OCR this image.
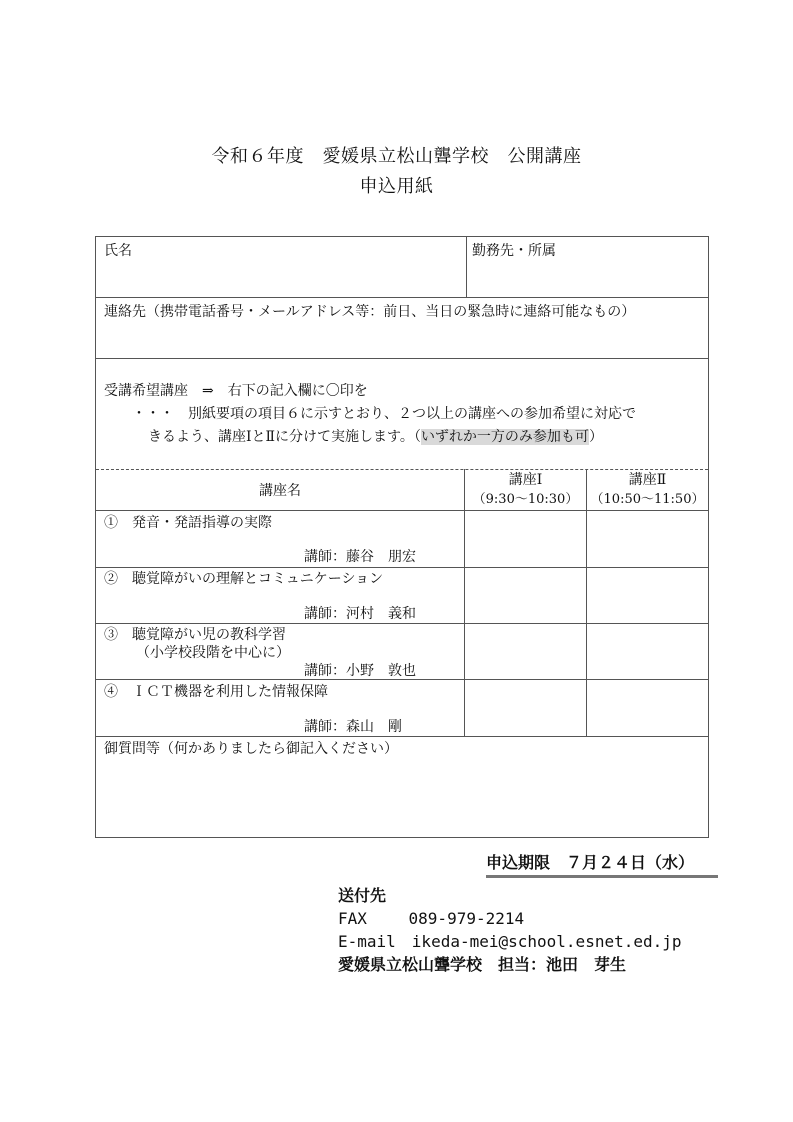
令和６年度　愛媛県立松山聾学校　公開講座
申込用紙
氏名	勤務先・所属
連絡先（携帯電話番号・メールアドレス等：前日、当日の緊急時に連絡可能なもの）
受講希望講座　⇒　右下の記入欄に〇印を
・・・　別紙要項の項目６に示すとおり、２つ以上の講座への参加希望に対応で
きるよう、講座ⅠとⅡに分けて実施します。（いずれか一方のみ参加も可）
講座名
講座Ⅰ
（9:30～10:30）
講座Ⅱ
（10:50～11:50）
①　発音・発語指導の実際
講師：藤谷　朋宏
②　聴覚障がいの理解とコミュニケーション
講師：河村　義和
③　聴覚障がい児の教科学習
（小学校段階を中心に）
講師：小野　敦也
④　ＩＣＴ機器を利用した情報保障
講師：森山　剛
御質問等（何かありましたら御記入ください）
申込期限　７月２４日（水）
送付先
FAX　　 089-979-2214
E-mail　ikeda-mei@school.esnet.ed.jp
愛媛県立松山聾学校　担当：池田　芽生
